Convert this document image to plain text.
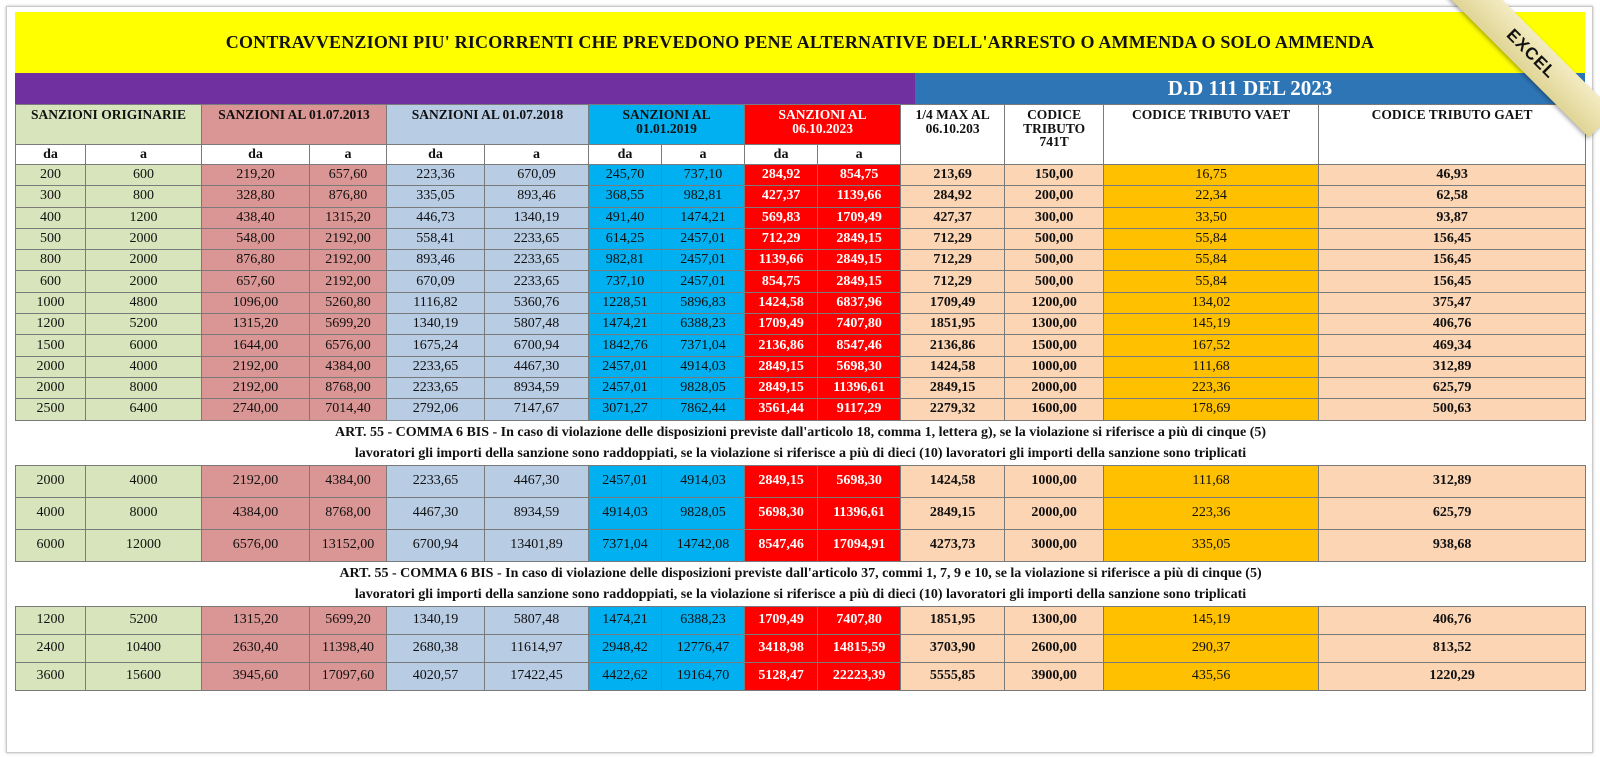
CONTRAVVENZIONI PIU' RICORRENTI CHE PREVEDONO PENE ALTERNATIVE DELL'ARRESTO O AMMENDA O SOLO AMMENDA
D.D 111 DEL 2023
SANZIONI ORIGINARIE		SANZIONI AL 01.07.2013		SANZIONI AL 01.07.2018		SANZIONI AL 01.01.2019		SANZIONI AL 06.10.2023		1/4 MAX AL 06.10.203	CODICE TRIBUTO 741T	CODICE TRIBUTO VAET	CODICE TRIBUTO GAET
da	a	da	a	da	a	da	a	da	a				
200	600	219,20	657,60	223,36	670,09	245,70	737,10	284,92	854,75	213,69	150,00	16,75	46,93
300	800	328,80	876,80	335,05	893,46	368,55	982,81	427,37	1139,66	284,92	200,00	22,34	62,58
400	1200	438,40	1315,20	446,73	1340,19	491,40	1474,21	569,83	1709,49	427,37	300,00	33,50	93,87
500	2000	548,00	2192,00	558,41	2233,65	614,25	2457,01	712,29	2849,15	712,29	500,00	55,84	156,45
800	2000	876,80	2192,00	893,46	2233,65	982,81	2457,01	1139,66	2849,15	712,29	500,00	55,84	156,45
600	2000	657,60	2192,00	670,09	2233,65	737,10	2457,01	854,75	2849,15	712,29	500,00	55,84	156,45
1000	4800	1096,00	5260,80	1116,82	5360,76	1228,51	5896,83	1424,58	6837,96	1709,49	1200,00	134,02	375,47
1200	5200	1315,20	5699,20	1340,19	5807,48	1474,21	6388,23	1709,49	7407,80	1851,95	1300,00	145,19	406,76
1500	6000	1644,00	6576,00	1675,24	6700,94	1842,76	7371,04	2136,86	8547,46	2136,86	1500,00	167,52	469,34
2000	4000	2192,00	4384,00	2233,65	4467,30	2457,01	4914,03	2849,15	5698,30	1424,58	1000,00	111,68	312,89
2000	8000	2192,00	8768,00	2233,65	8934,59	2457,01	9828,05	2849,15	11396,61	2849,15	2000,00	223,36	625,79
2500	6400	2740,00	7014,40	2792,06	7147,67	3071,27	7862,44	3561,44	9117,29	2279,32	1600,00	178,69	500,63

ART. 55 - COMMA 6 BIS - In caso di violazione delle disposizioni previste dall'articolo 18, comma 1, lettera g), se la violazione si riferisce a più di cinque (5)
lavoratori gli importi della sanzione sono raddoppiati, se la violazione si riferisce a più di dieci (10) lavoratori gli importi della sanzione sono triplicati													

2000	4000	2192,00	4384,00	2233,65	4467,30	2457,01	4914,03	2849,15	5698,30	1424,58	1000,00	111,68	312,89
4000	8000	4384,00	8768,00	4467,30	8934,59	4914,03	9828,05	5698,30	11396,61	2849,15	2000,00	223,36	625,79
6000	12000	6576,00	13152,00	6700,94	13401,89	7371,04	14742,08	8547,46	17094,91	4273,73	3000,00	335,05	938,68

ART. 55 - COMMA 6 BIS - In caso di violazione delle disposizioni previste dall'articolo 37, commi 1, 7, 9 e 10, se la violazione si riferisce a più di cinque (5)
lavoratori gli importi della sanzione sono raddoppiati, se la violazione si riferisce a più di dieci (10) lavoratori gli importi della sanzione sono triplicati													

1200	5200	1315,20	5699,20	1340,19	5807,48	1474,21	6388,23	1709,49	7407,80	1851,95	1300,00	145,19	406,76
2400	10400	2630,40	11398,40	2680,38	11614,97	2948,42	12776,47	3418,98	14815,59	3703,90	2600,00	290,37	813,52
3600	15600	3945,60	17097,60	4020,57	17422,45	4422,62	19164,70	5128,47	22223,39	5555,85	3900,00	435,56	1220,29
EXCEL
